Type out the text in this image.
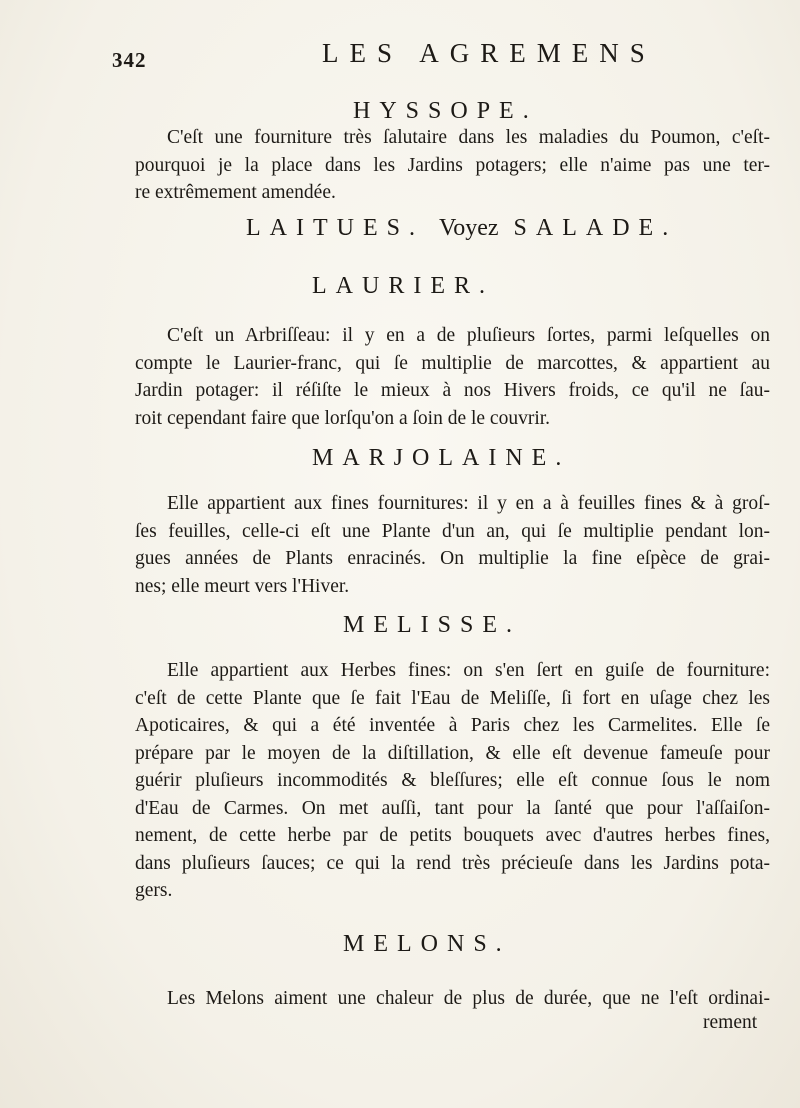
342	LES AGREMENS
HYSSOPE.
C'eſt une fourniture très ſalutaire dans les maladies du Poumon, c'eſt-
pourquoi je la place dans les Jardins potagers; elle n'aime pas une ter-
re extrêmement amendée.
LAITUES. Voyez SALADE.
LAURIER.
C'eſt un Arbriſſeau: il y en a de pluſieurs ſortes, parmi leſquelles on
compte le Laurier-franc, qui ſe multiplie de marcottes, & appartient au
Jardin potager: il réſiſte le mieux à nos Hivers froids, ce qu'il ne ſau-
roit cependant faire que lorſqu'on a ſoin de le couvrir.
MARJOLAINE.
Elle appartient aux fines fournitures: il y en a à feuilles fines & à groſ-
ſes feuilles, celle-ci eſt une Plante d'un an, qui ſe multiplie pendant lon-
gues années de Plants enracinés. On multiplie la fine eſpèce de grai-
nes; elle meurt vers l'Hiver.
MELISSE.
Elle appartient aux Herbes fines: on s'en ſert en guiſe de fourniture:
c'eſt de cette Plante que ſe fait l'Eau de Meliſſe, ſi fort en uſage chez les
Apoticaires, & qui a été inventée à Paris chez les Carmelites. Elle ſe
prépare par le moyen de la diſtillation, & elle eſt devenue fameuſe pour
guérir pluſieurs incommodités & bleſſures; elle eſt connue ſous le nom
d'Eau de Carmes. On met auſſi, tant pour la ſanté que pour l'aſſaiſon-
nement, de cette herbe par de petits bouquets avec d'autres herbes fines,
dans pluſieurs ſauces; ce qui la rend très précieuſe dans les Jardins pota-
gers.
MELONS.
Les Melons aiment une chaleur de plus de durée, que ne l'eſt ordinai-
rement
